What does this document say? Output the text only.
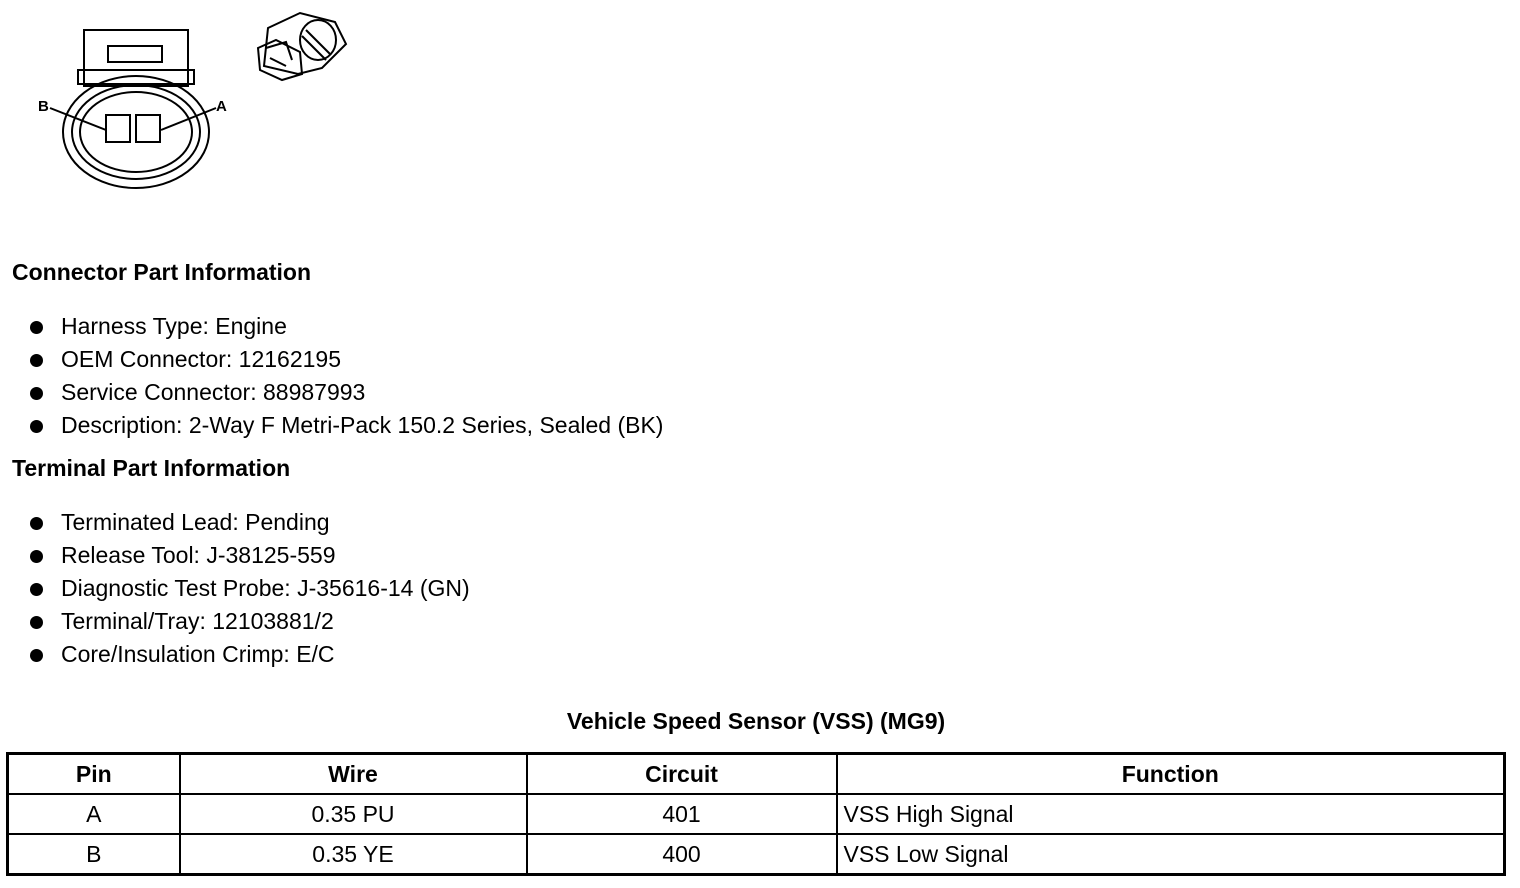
B	A
Connector Part Information
Harness Type: Engine
OEM Connector: 12162195
Service Connector: 88987993
Description: 2-Way F Metri-Pack 150.2 Series, Sealed (BK)
Terminal Part Information
Terminated Lead: Pending
Release Tool: J-38125-559
Diagnostic Test Probe: J-35616-14 (GN)
Terminal/Tray: 12103881/2
Core/Insulation Crimp: E/C
Vehicle Speed Sensor (VSS) (MG9)
Pin	Wire	Circuit	Function
A	0.35 PU	401	VSS High Signal
B	0.35 YE	400	VSS Low Signal
